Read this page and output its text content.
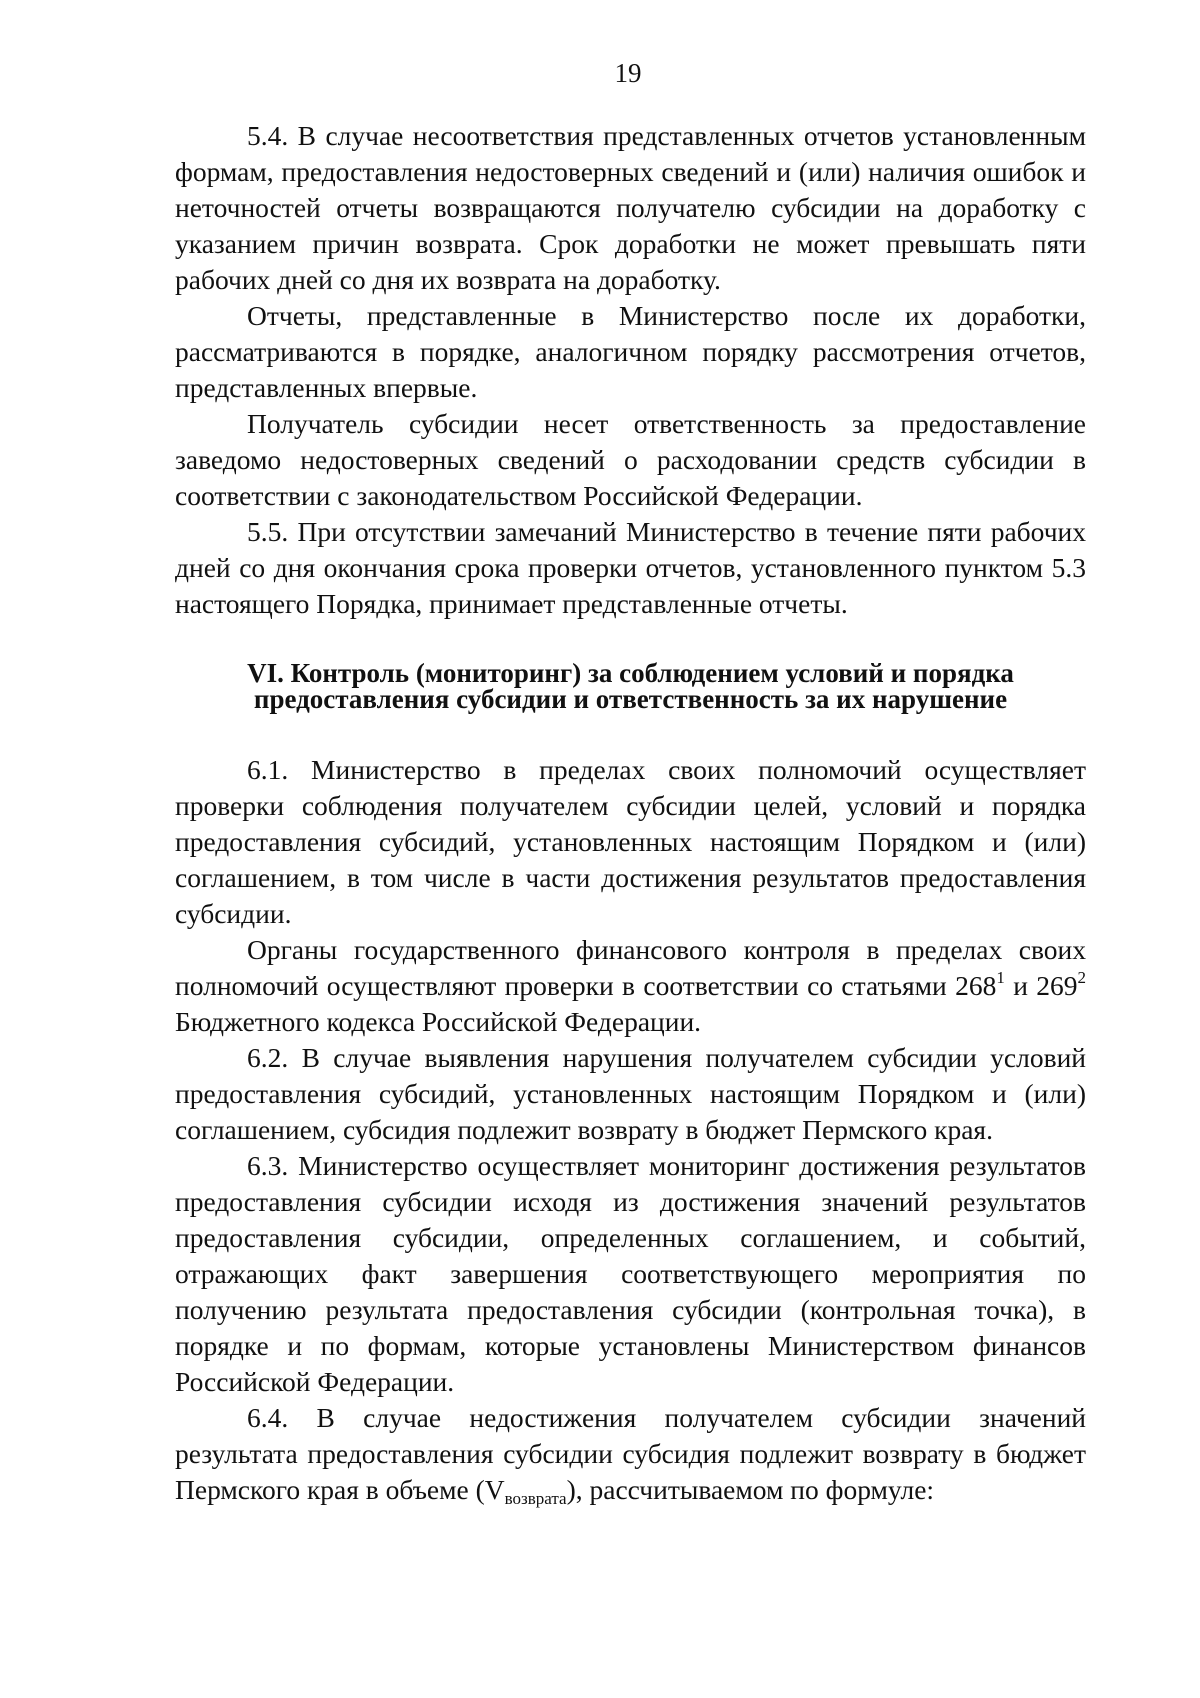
19

5.4. В случае несоответствия представленных отчетов установленным формам, предоставления недостоверных сведений и (или) наличия ошибок и неточностей отчеты возвращаются получателю субсидии на доработку с указанием причин возврата. Срок доработки не может превышать пяти рабочих дней со дня их возврата на доработку.

Отчеты, представленные в Министерство после их доработки, рассматриваются в порядке, аналогичном порядку рассмотрения отчетов, представленных впервые.

Получатель субсидии несет ответственность за предоставление заведомо недостоверных сведений о расходовании средств субсидии в соответствии с законодательством Российской Федерации.

5.5. При отсутствии замечаний Министерство в течение пяти рабочих дней со дня окончания срока проверки отчетов, установленного пунктом 5.3 настоящего Порядка, принимает представленные отчеты.

VI. Контроль (мониторинг) за соблюдением условий и порядка
предоставления субсидии и ответственность за их нарушение

6.1. Министерство в пределах своих полномочий осуществляет проверки соблюдения получателем субсидии целей, условий и порядка предоставления субсидий, установленных настоящим Порядком и (или) соглашением, в том числе в части достижения результатов предоставления субсидии.

Органы государственного финансового контроля в пределах своих полномочий осуществляют проверки в соответствии со статьями $268^1$ и $269^2$ Бюджетного кодекса Российской Федерации.

6.2. В случае выявления нарушения получателем субсидии условий предоставления субсидий, установленных настоящим Порядком и (или) соглашением, субсидия подлежит возврату в бюджет Пермского края.

6.3. Министерство осуществляет мониторинг достижения результатов предоставления субсидии исходя из достижения значений результатов предоставления субсидии, определенных соглашением, и событий, отражающих факт завершения соответствующего мероприятия по получению результата предоставления субсидии (контрольная точка), в порядке и по формам, которые установлены Министерством финансов Российской Федерации.

6.4. В случае недостижения получателем субсидии значений результата предоставления субсидии субсидия подлежит возврату в бюджет Пермского края в объеме $(V_{возврата})$, рассчитываемом по формуле:
